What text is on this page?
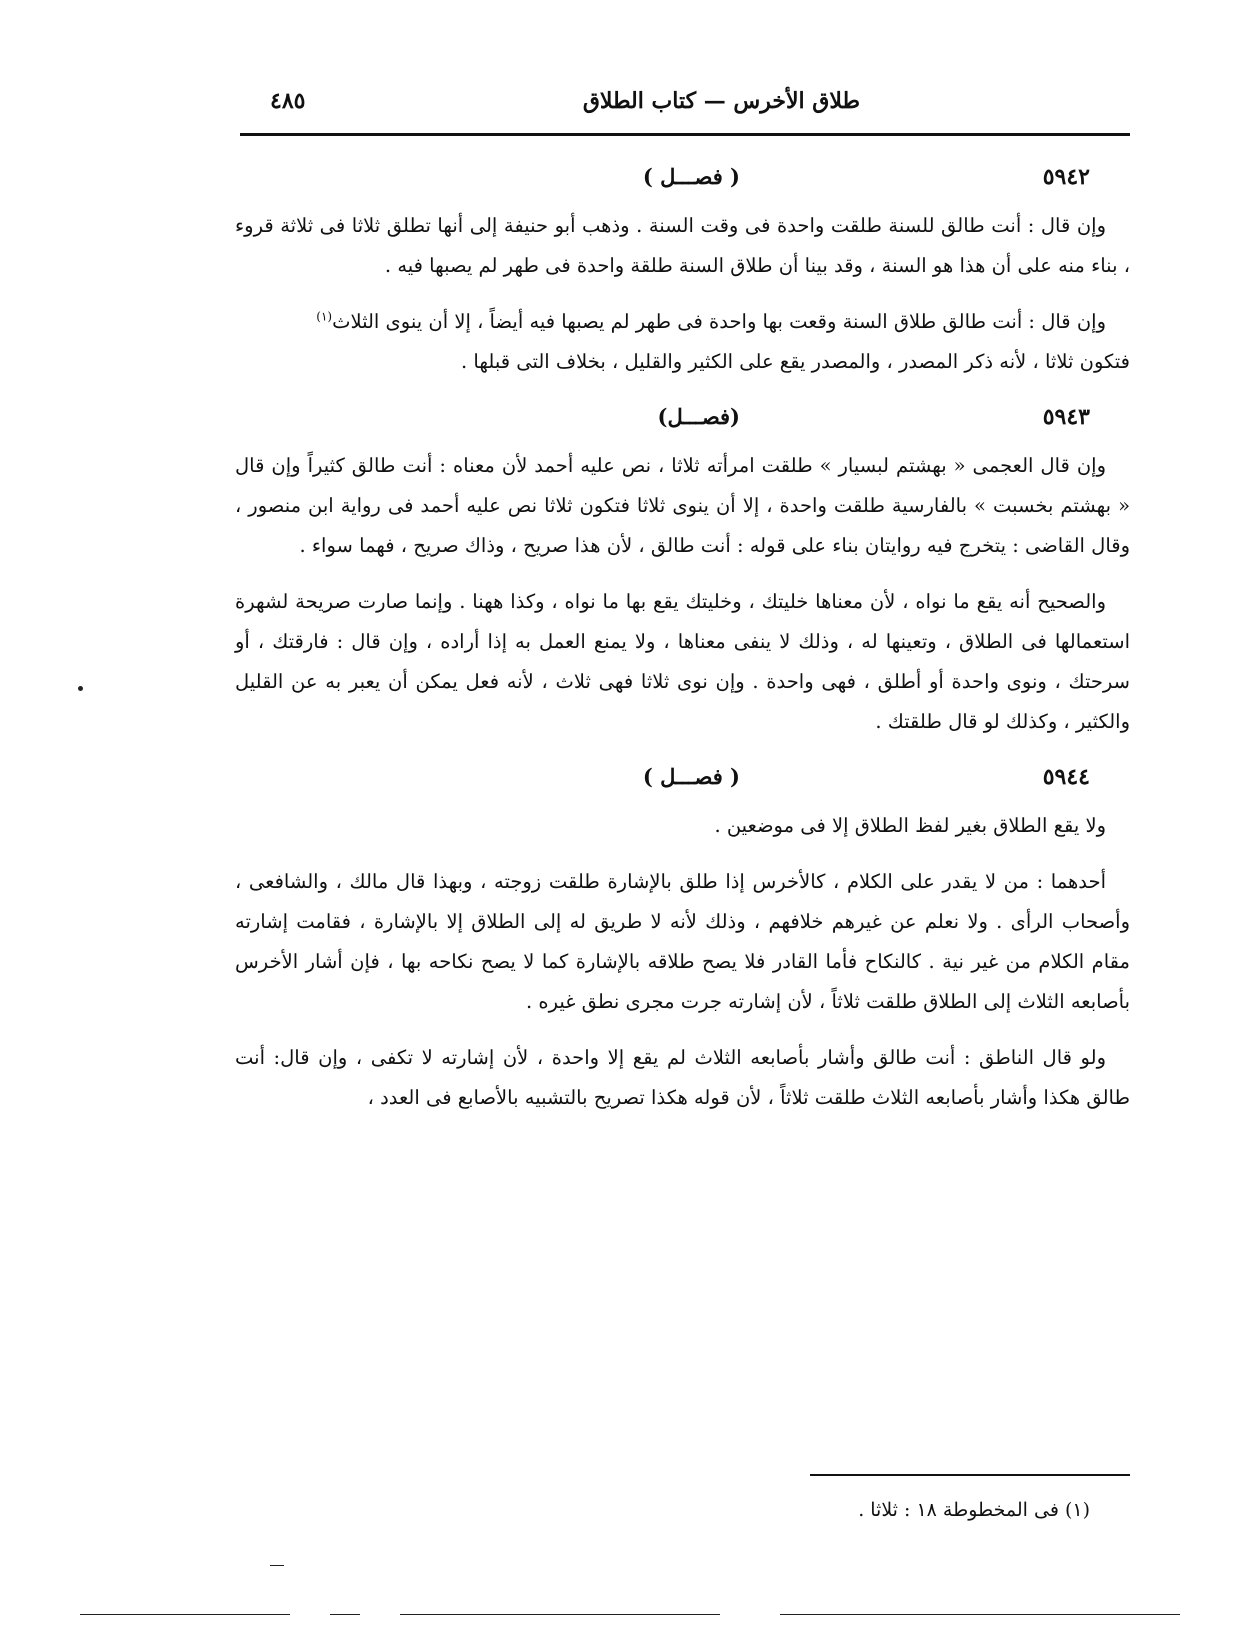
طلاق الأخرس — كتاب الطلاق
٤٨٥
٥٩٤٢
( فصـــل )

وإن قال : أنت طالق للسنة طلقت واحدة فى وقت السنة . وذهب أبو حنيفة إلى أنها تطلق ثلاثا فى ثلاثة قروء ، بناء منه على أن هذا هو السنة ، وقد بينا أن طلاق السنة طلقة واحدة فى طهر لم يصبها فيه .

وإن قال : أنت طالق طلاق السنة وقعت بها واحدة فى طهر لم يصبها فيه أيضاً ، إلا أن ينوى الثلاث$^{(١)}$

فتكون ثلاثا ، لأنه ذكر المصدر ، والمصدر يقع على الكثير والقليل ، بخلاف التى قبلها .

٥٩٤٣
(فصـــل)

وإن قال العجمى « بهشتم لبسيار » طلقت امرأته ثلاثا ، نص عليه أحمد لأن معناه : أنت طالق كثيراً وإن قال « بهشتم بخسبت » بالفارسية طلقت واحدة ، إلا أن ينوى ثلاثا فتكون ثلاثا نص عليه أحمد فى رواية ابن منصور ، وقال القاضى : يتخرج فيه روايتان بناء على قوله : أنت طالق ، لأن هذا صريح ، وذاك صريح ، فهما سواء .

والصحيح أنه يقع ما نواه ، لأن معناها خليتك ، وخليتك يقع بها ما نواه ، وكذا ههنا . وإنما صارت صريحة لشهرة استعمالها فى الطلاق ، وتعينها له ، وذلك لا ينفى معناها ، ولا يمنع العمل به إذا أراده ، وإن قال : فارقتك ، أو سرحتك ، ونوى واحدة أو أطلق ، فهى واحدة . وإن نوى ثلاثا فهى ثلاث ، لأنه فعل يمكن أن يعبر به عن القليل والكثير ، وكذلك لو قال طلقتك .

٥٩٤٤
( فصـــل )

ولا يقع الطلاق بغير لفظ الطلاق إلا فى موضعين .

أحدهما : من لا يقدر على الكلام ، كالأخرس إذا طلق بالإشارة طلقت زوجته ، وبهذا قال مالك ، والشافعى ، وأصحاب الرأى . ولا نعلم عن غيرهم خلافهم ، وذلك لأنه لا طريق له إلى الطلاق إلا بالإشارة ، فقامت إشارته مقام الكلام من غير نية . كالنكاح فأما القادر فلا يصح طلاقه بالإشارة كما لا يصح نكاحه بها ، فإن أشار الأخرس بأصابعه الثلاث إلى الطلاق طلقت ثلاثاً ، لأن إشارته جرت مجرى نطق غيره .

ولو قال الناطق : أنت طالق وأشار بأصابعه الثلاث لم يقع إلا واحدة ، لأن إشارته لا تكفى ، وإن قال: أنت طالق هكذا وأشار بأصابعه الثلاث طلقت ثلاثاً ، لأن قوله هكذا تصريح بالتشبيه بالأصابع فى العدد ،

(١) فى المخطوطة ١٨ : ثلاثا .
